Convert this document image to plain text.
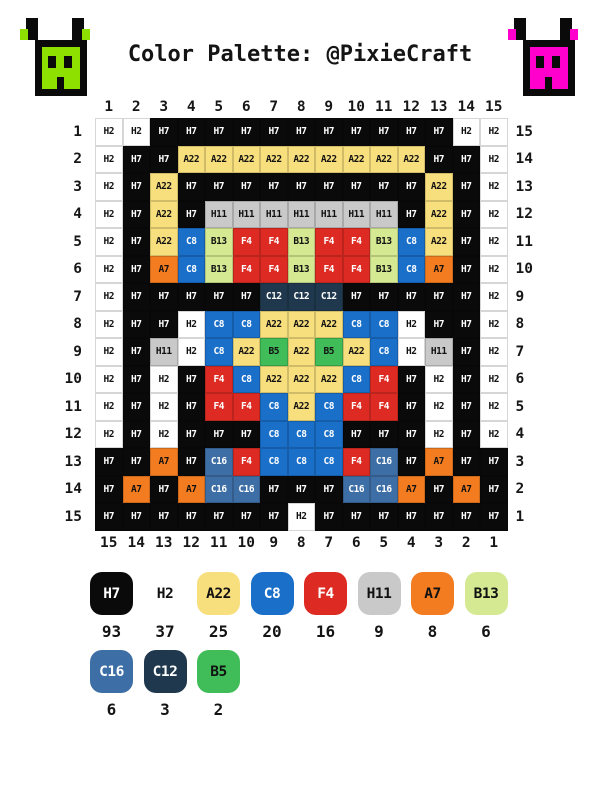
Color Palette: @PixieCraft
1	2	3	4	5	6	7	8	9 10 11 12 13 14 15
1	H2	H2	H7	H7	H7	H7	H7	H7	H7	H7	H7	H7	H7	H2	H2	15
2	H2	H7	H7	A22	A22	A22	A22	A22	A22	A22	A22	A22	H7	H7	H2	14
3	H2	H7	A22	H7	H7	H7	H7	H7	H7	H7	H7	H7	A22	H7	H2	13
4	H2	H7	A22	H7	H11	H11	H11	H11	H11	H11	H11	H7	A22	H7	H2	12
5	H2	H7	A22	C8	B13	F4	F4	B13	F4	F4	B13	C8	A22	H7	H2	11
6	H2	H7	A7	C8	B13	F4	F4	B13	F4	F4	B13	C8	A7	H7	H2	10
7	H2	H7	H7	H7	H7	H7	C12	C12	C12	H7	H7	H7	H7	H7	H2	9
8	H2	H7	H7	H2	C8	C8	A22	A22	A22	C8	C8	H2	H7	H7	H2	8
9	H2	H7	H11	H2	C8	A22	B5	A22	B5	A22	C8	H2	H11	H7	H2	7
10	H2	H7	H2	H7	F4	C8	A22	A22	A22	C8	F4	H7	H2	H7	H2	6
11	H2	H7	H2	H7	F4	F4	C8	A22	C8	F4	F4	H7	H2	H7	H2	5
12	H2	H7	H2	H7	H7	H7	C8	C8	C8	H7	H7	H7	H2	H7	H2	4
13	H7	H7	A7	H7	C16	F4	C8	C8	C8	F4	C16	H7	A7	H7	H7	3
14	H7	A7	H7	A7	C16	C16	H7	H7	H7	C16	C16	A7	H7	A7	H7	2
15	H7	H7	H7	H7	H7	H7	H7	H2	H7	H7	H7	H7	H7	H7	H7	1
15 14 13 12 11 10 9	8	7	6	5	4	3	2	1
H7
93
H2
37
A22
25
C8
20
F4
16
H11
9
A7
8
B13
6
C16
6
C12
3
B5
2
